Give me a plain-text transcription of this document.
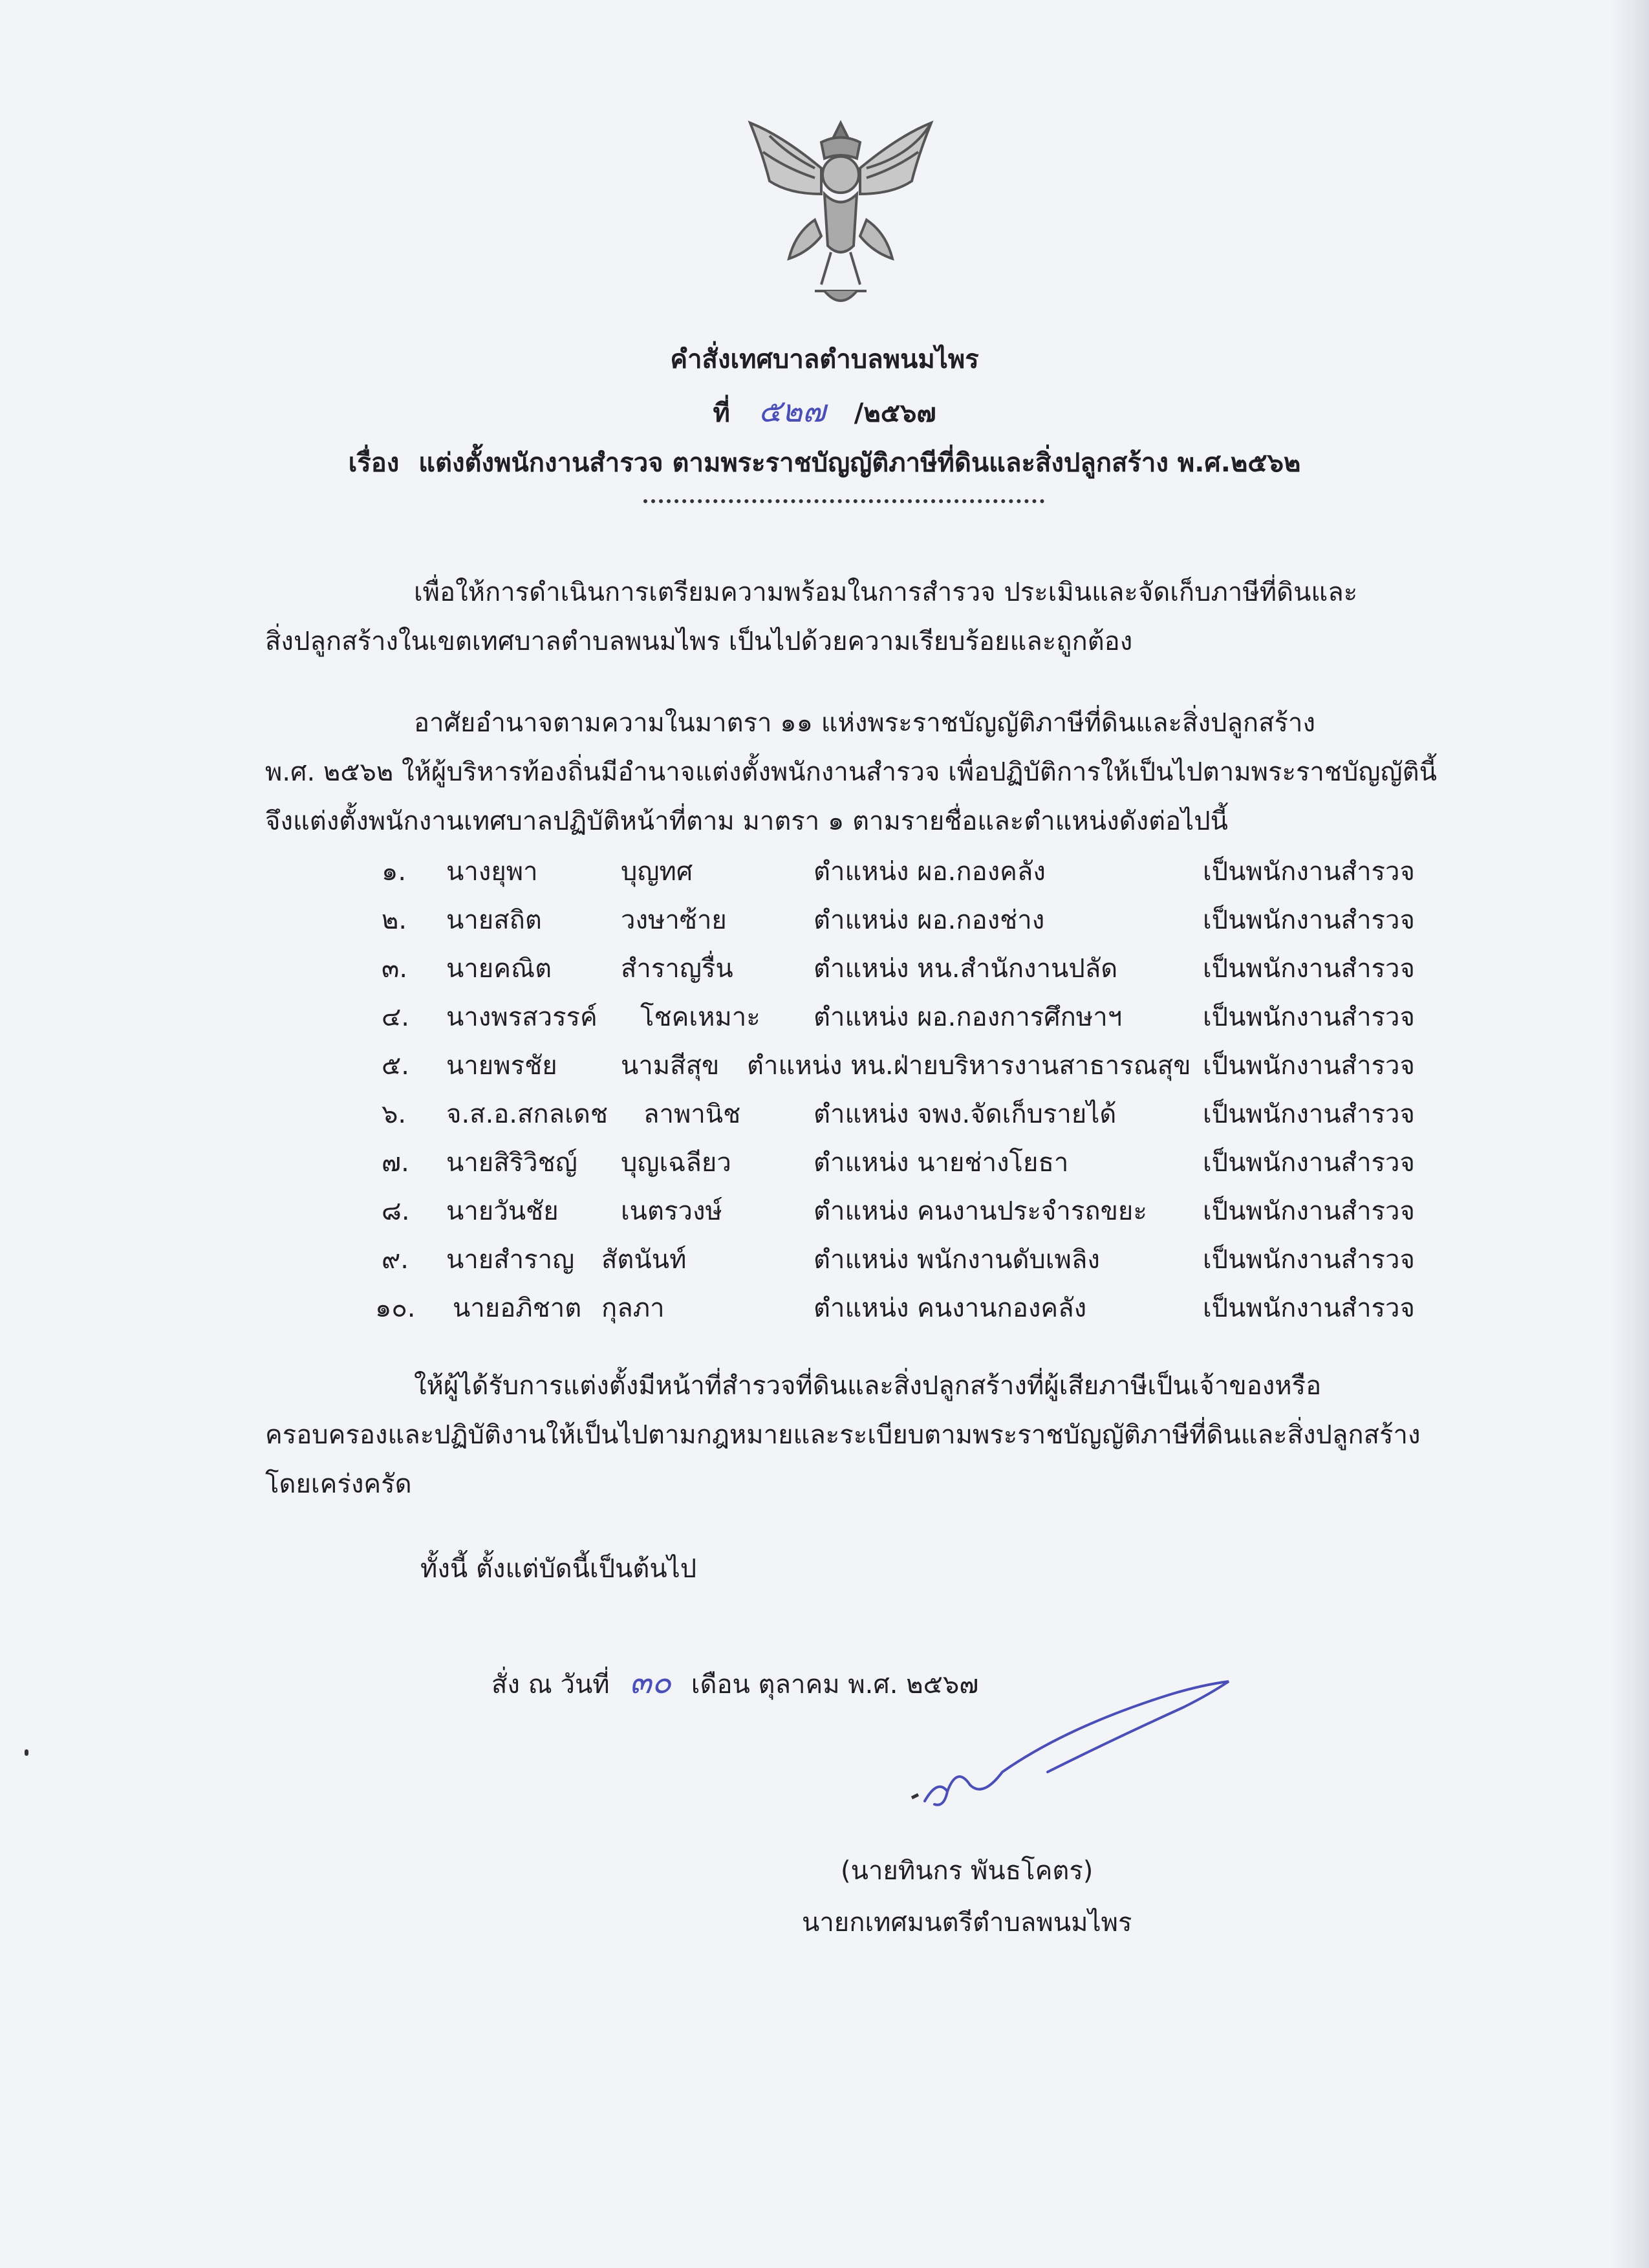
คำสั่งเทศบาลตำบลพนมไพร
ที่ ๕๒๗ /๒๕๖๗
เรื่อง แต่งตั้งพนักงานสำรวจ ตามพระราชบัญญัติภาษีที่ดินและสิ่งปลูกสร้าง พ.ศ.๒๕๖๒
เพื่อให้การดำเนินการเตรียมความพร้อมในการสำรวจ ประเมินและจัดเก็บภาษีที่ดินและ
สิ่งปลูกสร้างในเขตเทศบาลตำบลพนมไพร เป็นไปด้วยความเรียบร้อยและถูกต้อง
อาศัยอำนาจตามความในมาตรา ๑๑ แห่งพระราชบัญญัติภาษีที่ดินและสิ่งปลูกสร้าง
พ.ศ. ๒๕๖๒ ให้ผู้บริหารท้องถิ่นมีอำนาจแต่งตั้งพนักงานสำรวจ เพื่อปฏิบัติการให้เป็นไปตามพระราชบัญญัตินี้
จึงแต่งตั้งพนักงานเทศบาลปฏิบัติหน้าที่ตาม มาตรา ๑ ตามรายชื่อและตำแหน่งดังต่อไปนี้
๑. นางยุพา	บุญทศ	ตำแหน่ง ผอ.กองคลัง	เป็นพนักงานสำรวจ
๒. นายสถิต	วงษาซ้าย	ตำแหน่ง ผอ.กองช่าง	เป็นพนักงานสำรวจ
๓. นายคณิต	สำราญรื่น	ตำแหน่ง หน.สำนักงานปลัด	เป็นพนักงานสำรวจ
๔. นางพรสวรรค์ โชคเหมาะ ตำแหน่ง ผอ.กองการศึกษาฯ	เป็นพนักงานสำรวจ
๕. นายพรชัย นามสีสุข ตำแหน่ง หน.ฝ่ายบริหารงานสาธารณสุข เป็นพนักงานสำรวจ
๖. จ.ส.อ.สกลเดช ลาพานิช	ตำแหน่ง จพง.จัดเก็บรายได้	เป็นพนักงานสำรวจ
๗. นายสิริวิชญ์ บุญเฉลียว	ตำแหน่ง นายช่างโยธา	เป็นพนักงานสำรวจ
๘. นายวันชัย เนตรวงษ์	ตำแหน่ง คนงานประจำรถขยะ เป็นพนักงานสำรวจ
๙. นายสำราญ สัตนันท์	ตำแหน่ง พนักงานดับเพลิง	เป็นพนักงานสำรวจ
๑๐. นายอภิชาต กุลภา	ตำแหน่ง คนงานกองคลัง	เป็นพนักงานสำรวจ
ให้ผู้ได้รับการแต่งตั้งมีหน้าที่สำรวจที่ดินและสิ่งปลูกสร้างที่ผู้เสียภาษีเป็นเจ้าของหรือ
ครอบครองและปฏิบัติงานให้เป็นไปตามกฎหมายและระเบียบตามพระราชบัญญัติภาษีที่ดินและสิ่งปลูกสร้าง
โดยเคร่งครัด
ทั้งนี้ ตั้งแต่บัดนี้เป็นต้นไป
สั่ง ณ วันที่ ๓๐ เดือน ตุลาคม พ.ศ. ๒๕๖๗
(นายทินกร พันธโคตร)
นายกเทศมนตรีตำบลพนมไพร
